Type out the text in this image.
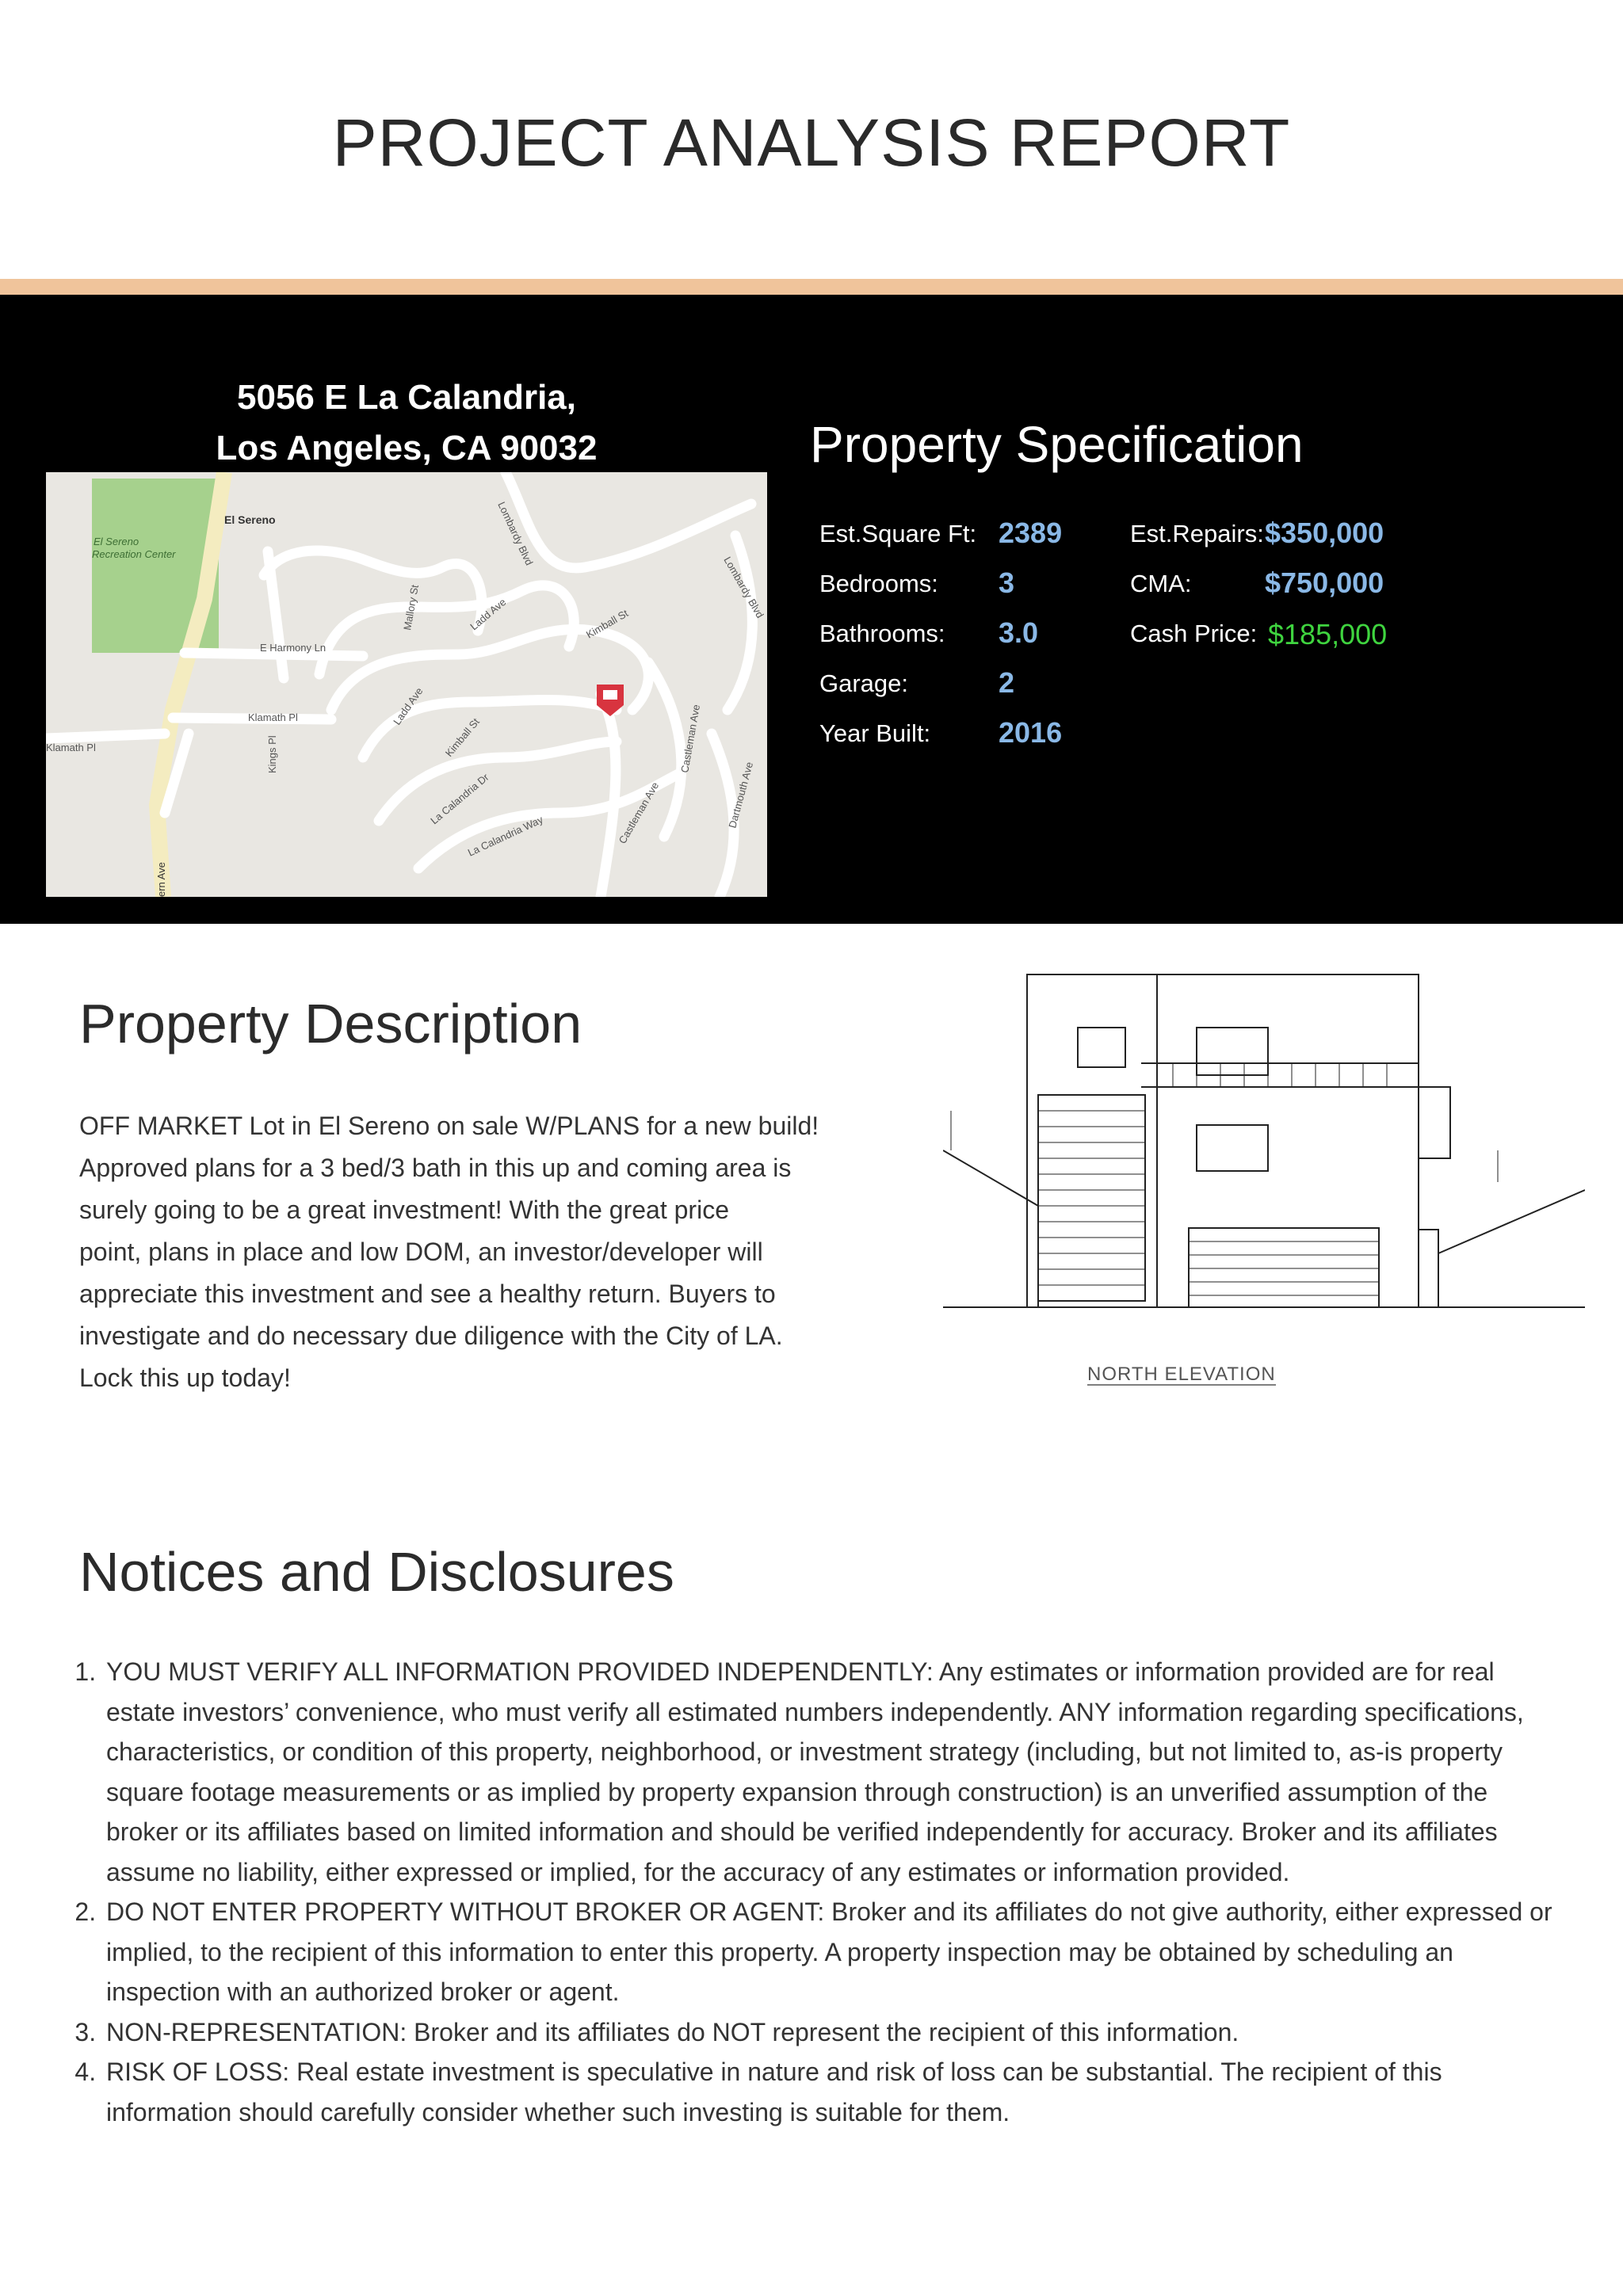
PROJECT ANALYSIS REPORT
5056 E La Calandria,
Los Angeles, CA 90032
El Sereno
El Sereno
Recreation Center
E Harmony Ln
Klamath Pl
Klamath Pl	Kings Pl
Mallory St	Ladd Ave
Ladd Ave
Kimball St
Kimball St
Lombardy Blvd
Lombardy Blvd
Castleman Ave
Castleman Ave	Dartmouth Ave
La Calandria Dr
La Calandria Way
ern Ave
Property Specification
Est.Square Ft: 2389
Bedrooms: 3
Bathrooms: 3.0
Garage:	2
Year Built: 2016
Est.Repairs: $350,000
CMA:	$750,000
Cash Price: $185,000
Property Description
OFF MARKET Lot in El Sereno on sale W/PLANS for a new build!
Approved plans for a 3 bed/3 bath in this up and coming area is
surely going to be a great investment! With the great price
point, plans in place and low DOM, an investor/developer will
appreciate this investment and see a healthy return. Buyers to
investigate and do necessary due diligence with the City of LA.
Lock this up today!	NORTH ELEVATION
Notices and Disclosures
1. YOU MUST VERIFY ALL INFORMATION PROVIDED INDEPENDENTLY: Any estimates or information provided are for real estate investors’ convenience, who must verify all estimated numbers independently. ANY information regarding specifications, characteristics, or condition of this property, neighborhood, or investment strategy (including, but not limited to, as-is property square footage measurements or as implied by property expansion through construction) is an unverified assumption of the broker or its affiliates based on limited information and should be verified independently for accuracy. Broker and its affiliates assume no liability, either expressed or implied, for the accuracy of any estimates or information provided.
2. DO NOT ENTER PROPERTY WITHOUT BROKER OR AGENT: Broker and its affiliates do not give authority, either expressed or implied, to the recipient of this information to enter this property. A property inspection may be obtained by scheduling an inspection with an authorized broker or agent.
3. NON-REPRESENTATION: Broker and its affiliates do NOT represent the recipient of this information.
4. RISK OF LOSS: Real estate investment is speculative in nature and risk of loss can be substantial. The recipient of this information should carefully consider whether such investing is suitable for them.
